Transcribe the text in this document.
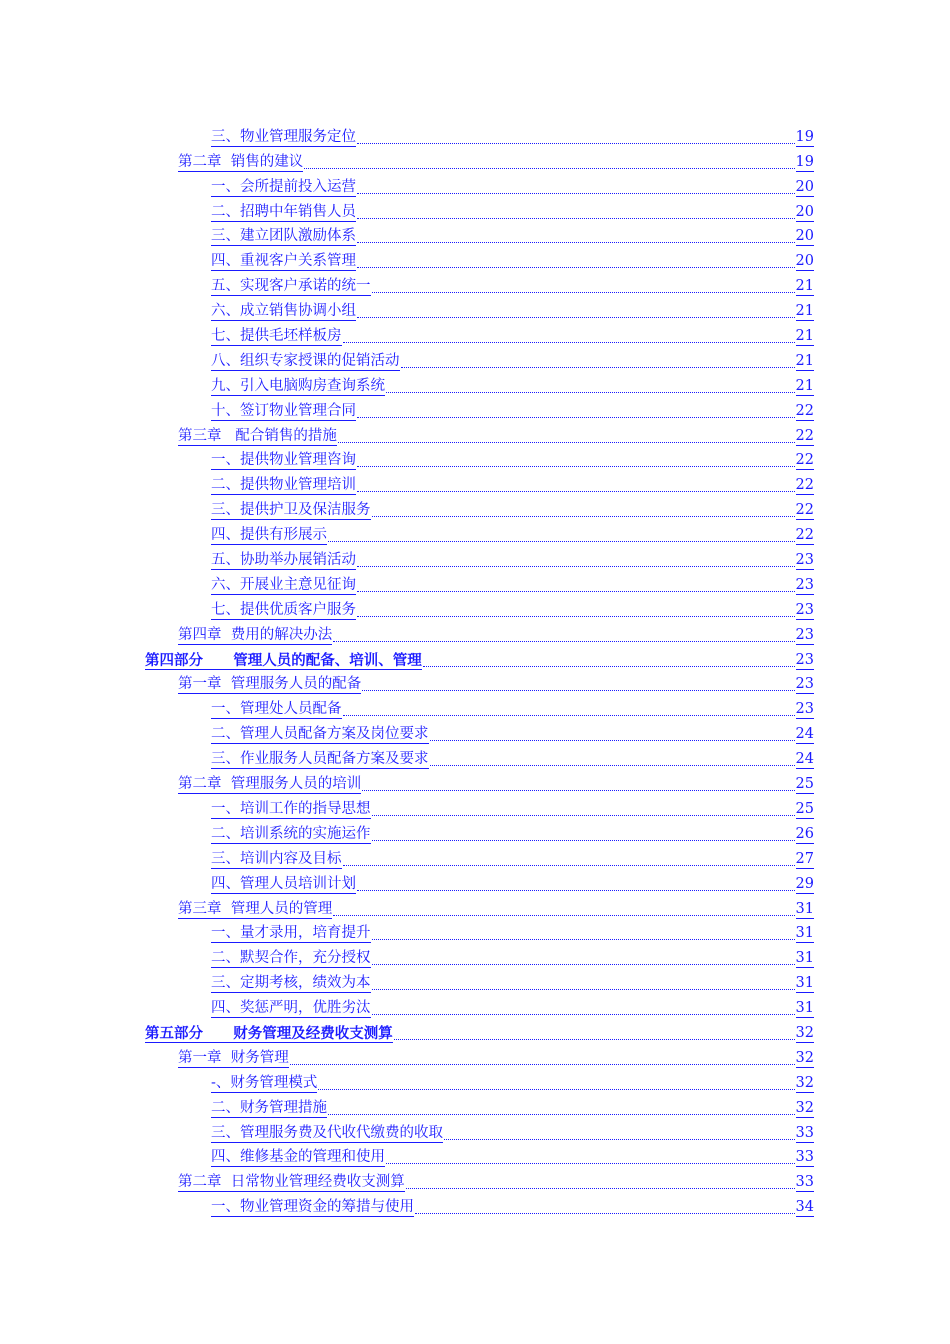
三、物业管理服务定位	19
第二章  销售的建议	19
一、会所提前投入运营	20
二、招聘中年销售人员	20
三、建立团队激励体系	20
四、重视客户关系管理	20
五、实现客户承诺的统一	21
六、成立销售协调小组	21
七、提供毛坯样板房	21
八、组织专家授课的促销活动	21
九、引入电脑购房查询系统	21
十、签订物业管理合同	22
第三章   配合销售的措施	22
一、提供物业管理咨询	22
二、提供物业管理培训	22
三、提供护卫及保洁服务	22
四、提供有形展示	22
五、协助举办展销活动	23
六、开展业主意见征询	23
七、提供优质客户服务	23
第四章  费用的解决办法	23
第四部分      管理人员的配备、培训、管理	23
第一章  管理服务人员的配备	23
一、管理处人员配备	23
二、管理人员配备方案及岗位要求	24
三、作业服务人员配备方案及要求	24
第二章  管理服务人员的培训	25
一、培训工作的指导思想	25
二、培训系统的实施运作	26
三、培训内容及目标	27
四、管理人员培训计划	29
第三章  管理人员的管理	31
一、量才录用，培育提升	31
二、默契合作，充分授权	31
三、定期考核，绩效为本	31
四、奖惩严明，优胜劣汰	31
第五部分      财务管理及经费收支测算	32
第一章  财务管理	32
-、财务管理模式	32
二、财务管理措施	32
三、管理服务费及代收代缴费的收取	33
四、维修基金的管理和使用	33
第二章  日常物业管理经费收支测算	33
一、物业管理资金的筹措与使用	34
